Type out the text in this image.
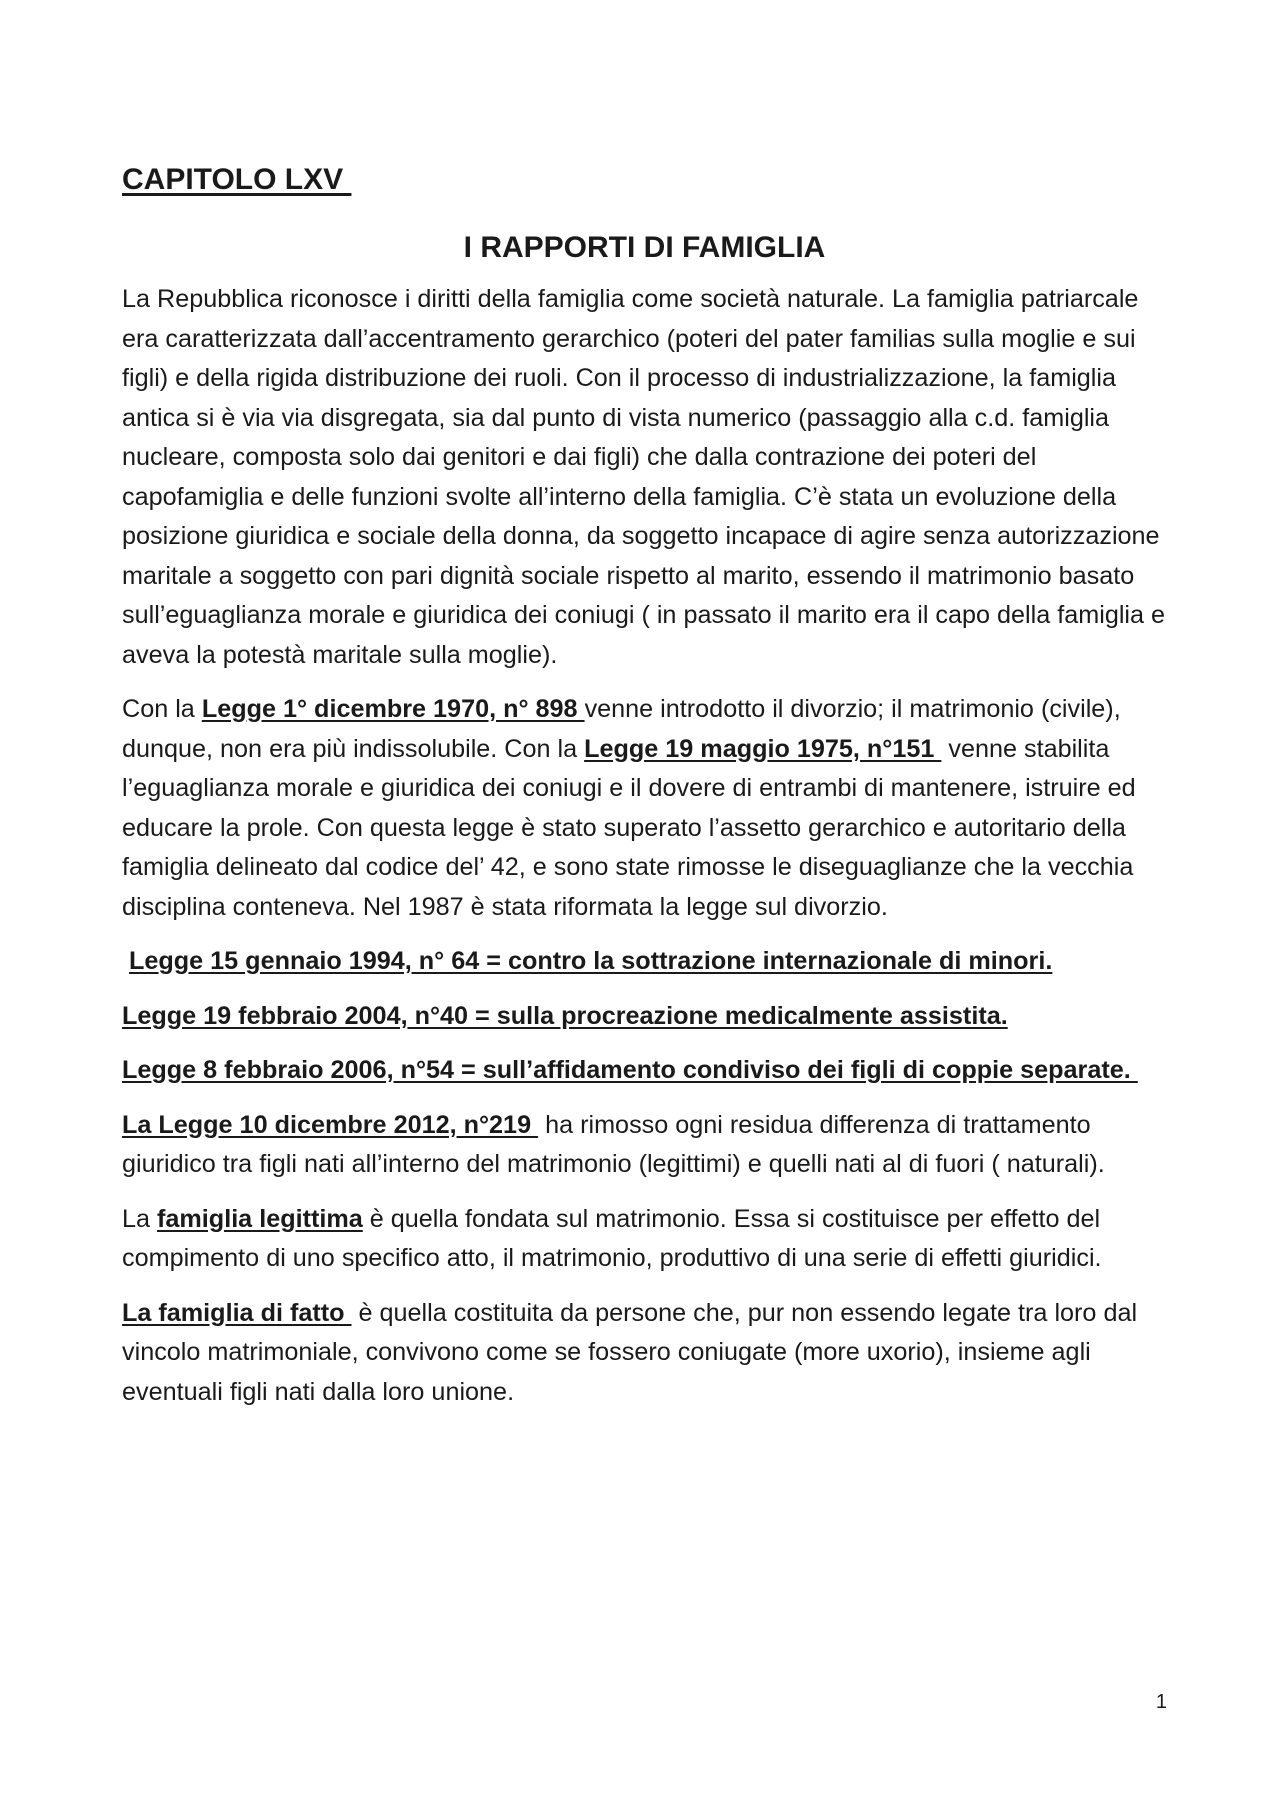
CAPITOLO LXV
I RAPPORTI DI FAMIGLIA

La Repubblica riconosce i diritti della famiglia come società naturale. La famiglia patriarcale era caratterizzata dall’accentramento gerarchico (poteri del pater familias sulla moglie e sui figli) e della rigida distribuzione dei ruoli. Con il processo di industrializzazione, la famiglia antica si è via via disgregata, sia dal punto di vista numerico (passaggio alla c.d. famiglia nucleare, composta solo dai genitori e dai figli) che dalla contrazione dei poteri del capofamiglia e delle funzioni svolte all’interno della famiglia. C’è stata un evoluzione della posizione giuridica e sociale della donna, da soggetto incapace di agire senza autorizzazione maritale a soggetto con pari dignità sociale rispetto al marito, essendo il matrimonio basato sull’eguaglianza morale e giuridica dei coniugi ( in passato il marito era il capo della famiglia e aveva la potestà maritale sulla moglie).

Con la Legge 1° dicembre 1970, n° 898 venne introdotto il divorzio; il matrimonio (civile), dunque, non era più indissolubile. Con la Legge 19 maggio 1975, n°151  venne stabilita l’eguaglianza morale e giuridica dei coniugi e il dovere di entrambi di mantenere, istruire ed educare la prole. Con questa legge è stato superato l’assetto gerarchico e autoritario della famiglia delineato dal codice del’ 42, e sono state rimosse le diseguaglianze che la vecchia disciplina conteneva. Nel 1987 è stata riformata la legge sul divorzio.

Legge 15 gennaio 1994, n° 64 = contro la sottrazione internazionale di minori.

Legge 19 febbraio 2004, n°40 = sulla procreazione medicalmente assistita.

Legge 8 febbraio 2006, n°54 = sull’affidamento condiviso dei figli di coppie separate.

La Legge 10 dicembre 2012, n°219  ha rimosso ogni residua differenza di trattamento giuridico tra figli nati all’interno del matrimonio (legittimi) e quelli nati al di fuori ( naturali).

La famiglia legittima è quella fondata sul matrimonio. Essa si costituisce per effetto del compimento di uno specifico atto, il matrimonio, produttivo di una serie di effetti giuridici.

La famiglia di fatto  è quella costituita da persone che, pur non essendo legate tra loro dal vincolo matrimoniale, convivono come se fossero coniugate (more uxorio), insieme agli eventuali figli nati dalla loro unione.

1
